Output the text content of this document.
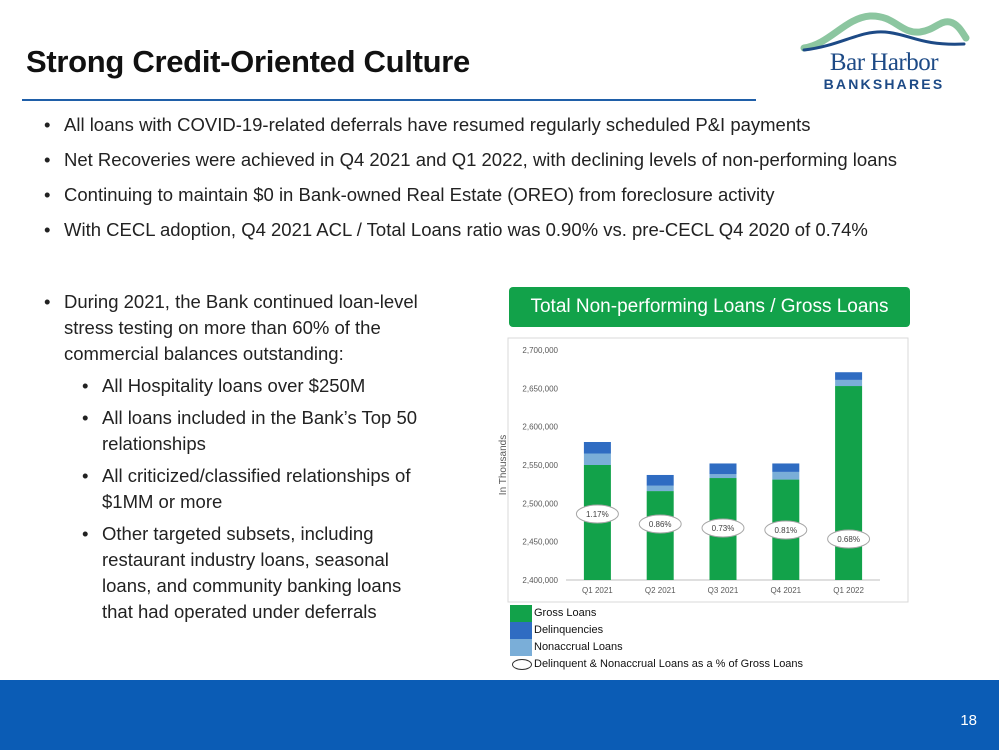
Strong Credit-Oriented Culture	Bar Harbor
BANKSHARES
• All loans with COVID-19-related deferrals have resumed regularly scheduled P&I payments
• Net Recoveries were achieved in Q4 2021 and Q1 2022, with declining levels of non-performing loans
• Continuing to maintain $0 in Bank-owned Real Estate (OREO) from foreclosure activity
• With CECL adoption, Q4 2021 ACL / Total Loans ratio was 0.90% vs. pre-CECL Q4 2020 of 0.74%
• During 2021, the Bank continued loan-level stress testing on more than 60% of the commercial balances outstanding:
• All Hospitality loans over $250M
• All loans included in the Bank’s Top 50 relationships
• All criticized/classified relationships of $1MM or more
• Other targeted subsets, including restaurant industry loans, seasonal loans, and community banking loans that had operated under deferrals
Total Non-performing Loans / Gross Loans
2,400,000
2,450,000
2,500,000
2,550,000
2,600,000
2,650,000
2,700,000
In Thousands
Q1 2021	Q2 2021	Q3 2021	Q4 2021	Q1 2022
1.17%
0.86%	0.73%	0.81%
0.68%
Gross Loans
Delinquencies
Nonaccrual Loans
Delinquent & Nonaccrual Loans as a % of Gross Loans
18
